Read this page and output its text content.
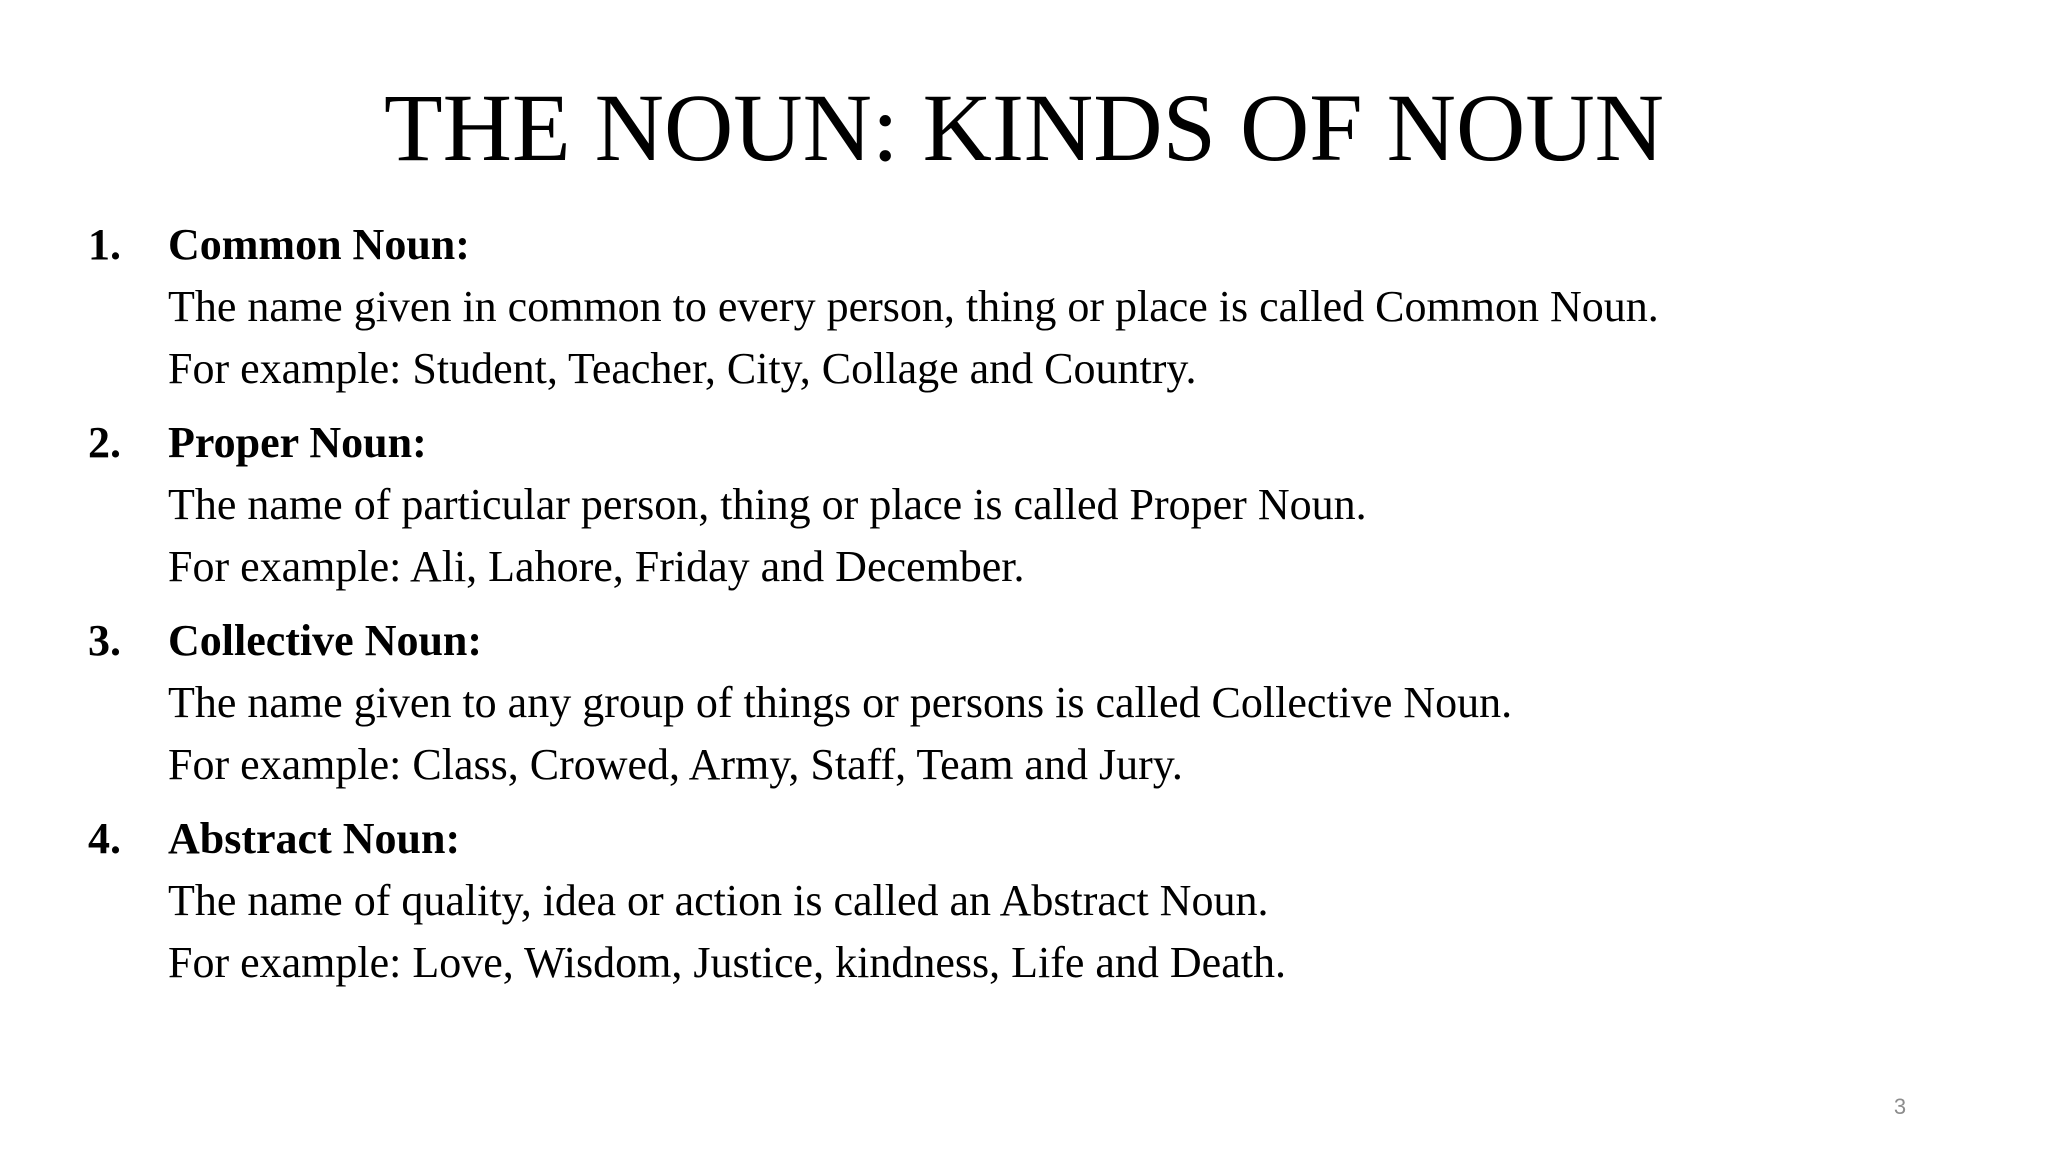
THE NOUN: KINDS OF NOUN
1. Common Noun:
The name given in common to every person, thing or place is called Common Noun.
For example: Student, Teacher, City, Collage and Country.
2. Proper Noun:
The name of particular person, thing or place is called Proper Noun.
For example: Ali, Lahore, Friday and December.
3. Collective Noun:
The name given to any group of things or persons is called Collective Noun.
For example: Class, Crowed, Army, Staff, Team and Jury.
4. Abstract Noun:
The name of quality, idea or action is called an Abstract Noun.
For example: Love, Wisdom, Justice, kindness, Life and Death.
3
